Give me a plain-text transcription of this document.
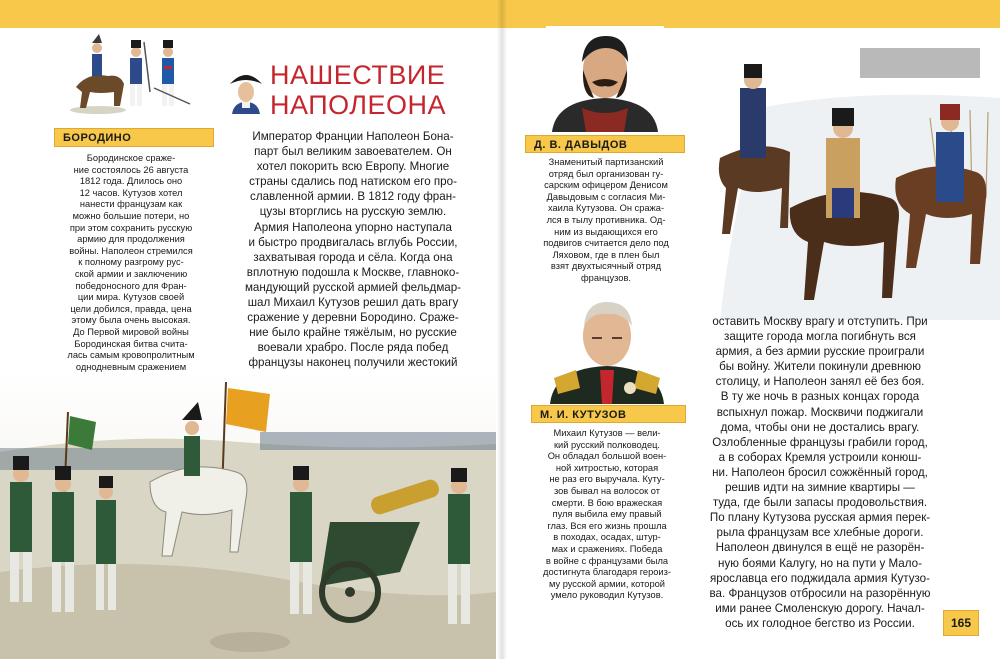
НАШЕСТВИЕ
НАПОЛЕОНА
БОРОДИНО
Бородинское сраже-
ние состоялось 26 августа
1812 года. Длилось оно
12 часов. Кутузов хотел
нанести французам как
можно большие потери, но
при этом сохранить русскую
армию для продолжения
войны. Наполеон стремился
к полному разгрому рус-
ской армии и заключению
победоносного для Фран-
ции мира. Кутузов своей
цели добился, правда, цена
этому была очень высокая.
До Первой мировой войны
Бородинская битва счита-
лась самым кровопролитным
однодневным сражением
Император Франции Наполеон Бона-
парт был великим завоевателем. Он
хотел покорить всю Европу. Многие
страны сдались под натиском его про-
славленной армии. В 1812 году фран-
цузы вторглись на русскую землю.
Армия Наполеона упорно наступала
и быстро продвигалась вглубь России,
захватывая города и сёла. Когда она
вплотную подошла к Москве, главноко-
мандующий русской армией фельдмар-
шал Михаил Кутузов решил дать врагу
сражение у деревни Бородино. Сраже-
ние было крайне тяжёлым, но русские
воевали храбро. После ряда побед
французы наконец получили жестокий
Д. В. ДАВЫДОВ
Знаменитый партизанский
отряд был организован гу-
сарским офицером Денисом
Давыдовым с согласия Ми-
хаила Кутузова. Он сража-
лся в тылу противника. Од-
ним из выдающихся его
подвигов считается дело под
Ляховом, где в плен был
взят двухтысячный отряд
французов.
М. И. КУТУЗОВ
Михаил Кутузов — вели-
кий русский полководец.
Он обладал большой воен-
ной хитростью, которая
не раз его выручала. Куту-
зов бывал на волосок от
смерти. В бою вражеская
пуля выбила ему правый
глаз. Вся его жизнь прошла
в походах, осадах, штур-
мах и сражениях. Победа
в войне с французами была
достигнута благодаря героиз-
му русской армии, которой
умело руководил Кутузов.
оставить Москву врагу и отступить. При
защите города могла погибнуть вся
армия, а без армии русские проиграли
бы войну. Жители покинули древнюю
столицу, и Наполеон занял её без боя.
В ту же ночь в разных концах города
вспыхнул пожар. Москвичи поджигали
дома, чтобы они не достались врагу.
Озлобленные французы грабили город,
а в соборах Кремля устроили конюш-
ни. Наполеон бросил сожжённый город,
решив идти на зимние квартиры —
туда, где были запасы продовольствия.
По плану Кутузова русская армия перек-
рыла французам все хлебные дороги.
Наполеон двинулся в ещё не разорён-
ную боями Калугу, но на пути у Мало-
ярославца его поджидала армия Кутузо-
ва. Французов отбросили на разорённую
ими ранее Смоленскую дорогу. Начал-
ось их голодное бегство из России.	165
